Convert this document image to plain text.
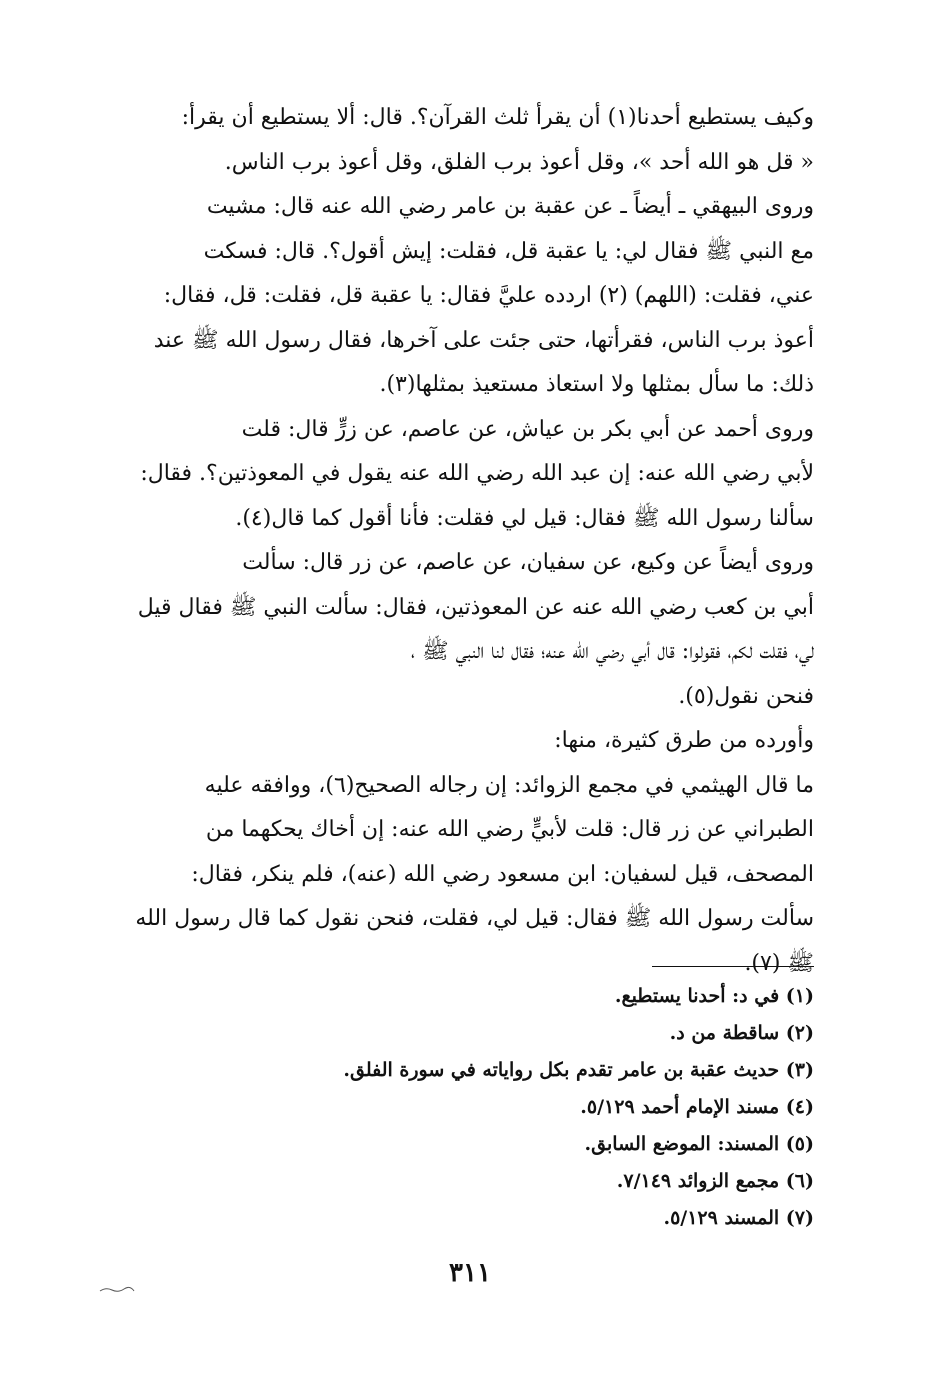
وكيف يستطيع أحدنا(١) أن يقرأ ثلث القرآن؟. قال: ألا يستطيع أن يقرأ:
« قل هو الله أحد »، وقل أعوذ برب الفلق، وقل أعوذ برب الناس.
وروى البيهقي ـ أيضاً ـ عن عقبة بن عامر رضي الله عنه قال: مشيت
مع النبي ﷺ فقال لي: يا عقبة قل، فقلت: إيش أقول؟. قال: فسكت
عني، فقلت: (اللهم) (٢) اردده عليَّ فقال: يا عقبة قل، فقلت: قل، فقال:
أعوذ برب الناس، فقرأتها، حتى جئت على آخرها، فقال رسول الله ﷺ عند
ذلك: ما سأل بمثلها ولا استعاذ مستعيذ بمثلها(٣).
وروى أحمد عن أبي بكر بن عياش، عن عاصم، عن زرٍّ قال: قلت
لأبي رضي الله عنه: إن عبد الله رضي الله عنه يقول في المعوذتين؟. فقال:
سألنا رسول الله ﷺ فقال: قيل لي فقلت: فأنا أقول كما قال(٤).
وروى أيضاً عن وكيع، عن سفيان، عن عاصم، عن زر قال: سألت
أبي بن كعب رضي الله عنه عن المعوذتين، فقال: سألت النبي ﷺ فقال قيل
لي، فقلت لكم، فقولوا: قال أبي رضي الله عنه؛ فقال لنا النبي ﷺ ،
فنحن نقول(٥).
وأورده من طرق كثيرة، منها:
ما قال الهيثمي في مجمع الزوائد: إن رجاله الصحيح(٦)، ووافقه عليه
الطبراني عن زر قال: قلت لأبيٍّ رضي الله عنه: إن أخاك يحكهما من
المصحف، قيل لسفيان: ابن مسعود رضي الله (عنه)، فلم ينكر، فقال:
سألت رسول الله ﷺ فقال: قيل لي، فقلت، فنحن نقول كما قال رسول الله
ﷺ (٧).
(١) في د: أحدنا يستطيع.
(٢) ساقطة من د.
(٣) حديث عقبة بن عامر تقدم بكل رواياته في سورة الفلق.
(٤) مسند الإمام أحمد ٥/١٢٩.
(٥) المسند: الموضع السابق.
(٦) مجمع الزوائد ٧/١٤٩.
(٧) المسند ٥/١٢٩.
٣١١
